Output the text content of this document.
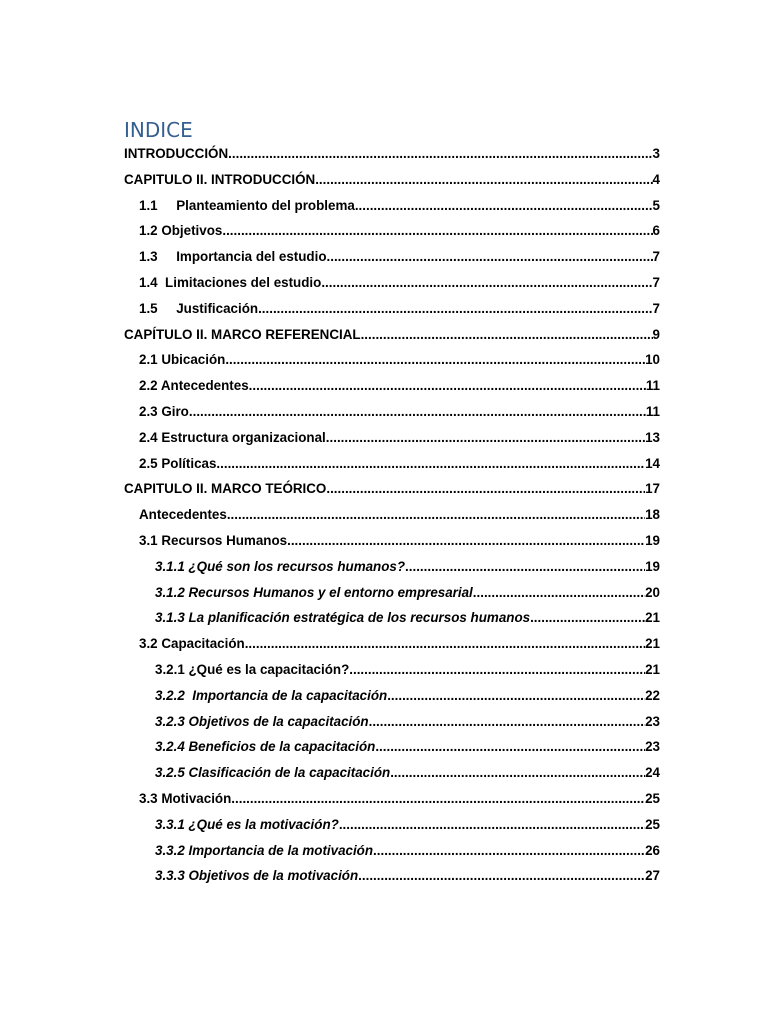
INDICE
INTRODUCCIÓN .....	3
CAPITULO II. INTRODUCCIÓN .....	4
1.1     Planteamiento del problema .....	5
1.2 Objetivos .....	6
1.3     Importancia del estudio .....	7
1.4  Limitaciones del estudio .....	7
1.5     Justificación .....	7
CAPÍTULO II. MARCO REFERENCIAL .....	9
2.1 Ubicación .....	10
2.2 Antecedentes .....	11
2.3 Giro .....	11
2.4 Estructura organizacional .....	13
2.5 Políticas .....	14
CAPITULO II. MARCO TEÓRICO .....	17
Antecedentes .....	18
3.1 Recursos Humanos .....	19
3.1.1 ¿Qué son los recursos humanos? .....	19
3.1.2 Recursos Humanos y el entorno empresarial .....	20
3.1.3 La planificación estratégica de los recursos humanos .....	21
3.2 Capacitación .....	21
3.2.1 ¿Qué es la capacitación? .....	21
3.2.2  Importancia de la capacitación .....	22
3.2.3 Objetivos de la capacitación .....	23
3.2.4 Beneficios de la capacitación .....	23
3.2.5 Clasificación de la capacitación .....	24
3.3 Motivación .....	25
3.3.1 ¿Qué es la motivación? .....	25
3.3.2 Importancia de la motivación .....	26
3.3.3 Objetivos de la motivación .....	27
